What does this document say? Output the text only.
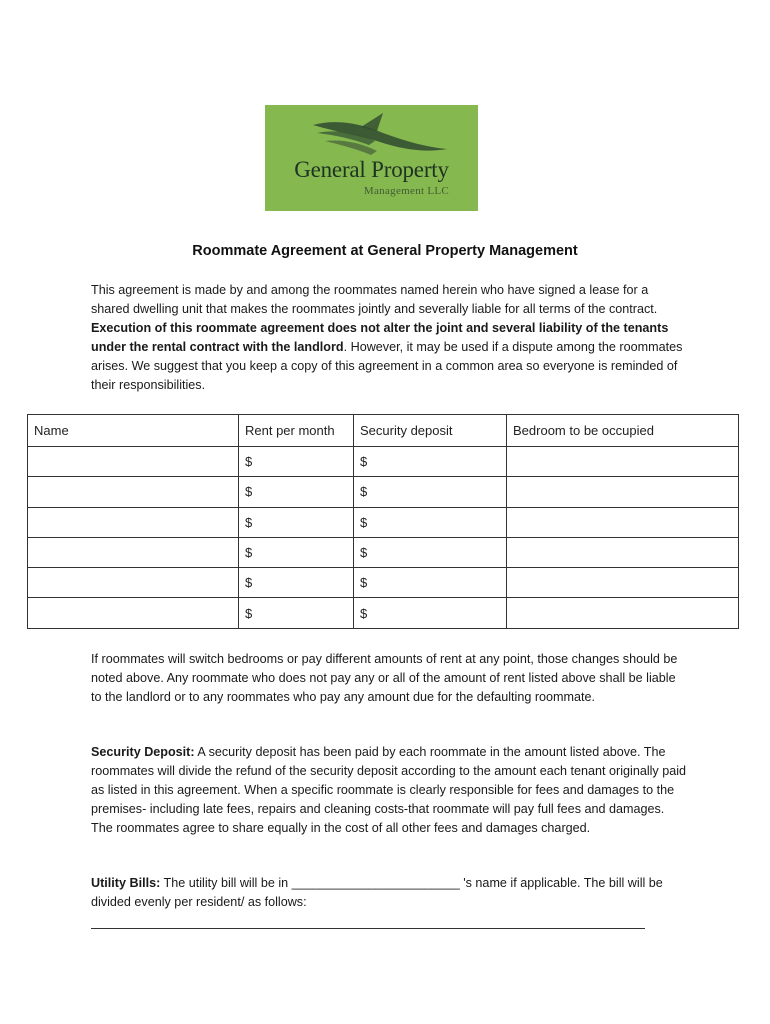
General Property
Management LLC
Roommate Agreement at General Property Management
This agreement is made by and among the roommates named herein who have signed a lease for a shared dwelling unit that makes the roommates jointly and severally liable for all terms of the contract. Execution of this roommate agreement does not alter the joint and several liability of the tenants under the rental contract with the landlord. However, it may be used if a dispute among the roommates arises. We suggest that you keep a copy of this agreement in a common area so everyone is reminded of their responsibilities.
Name	Rent per month	Security deposit	Bedroom to be occupied
	$	$	
	$	$	
	$	$	
	$	$	
	$	$	
	$	$	
If roommates will switch bedrooms or pay different amounts of rent at any point, those changes should be noted above. Any roommate who does not pay any or all of the amount of rent listed above shall be liable to the landlord or to any roommates who pay any amount due for the defaulting roommate.
Security Deposit: A security deposit has been paid by each roommate in the amount listed above. The roommates will divide the refund of the security deposit according to the amount each tenant originally paid as listed in this agreement. When a specific roommate is clearly responsible for fees and damages to the premises- including late fees, repairs and cleaning costs-that roommate will pay full fees and damages. The roommates agree to share equally in the cost of all other fees and damages charged.
Utility Bills: The utility bill will be in ________________________ 's name if applicable. The bill will be divided evenly per resident/ as follows:
